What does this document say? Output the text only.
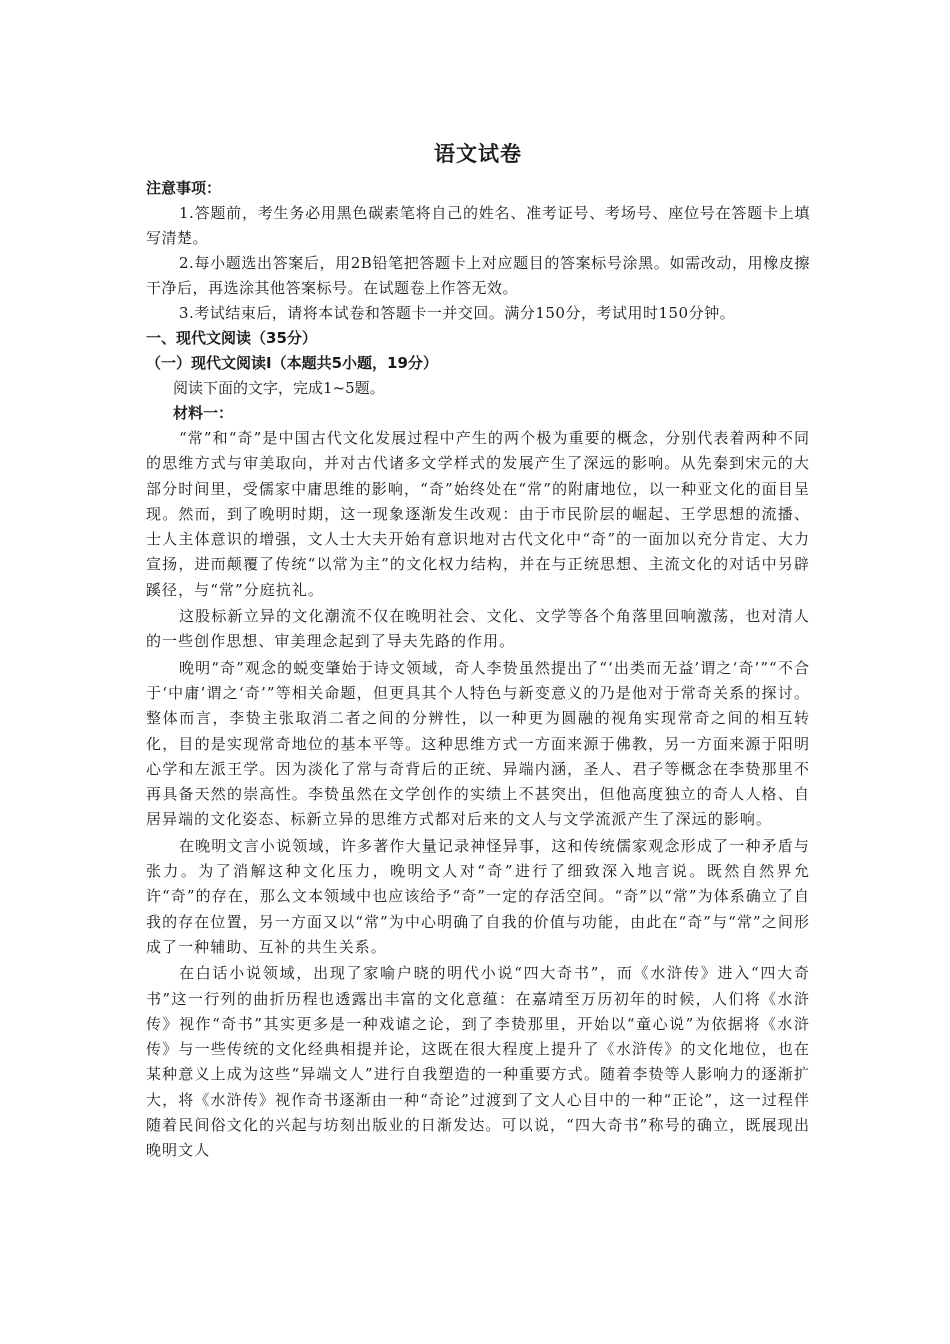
语文试卷
注意事项：

1.答题前，考生务必用黑色碳素笔将自己的姓名、准考证号、考场号、座位号在答题卡上填写清楚。

2.每小题选出答案后，用2B铅笔把答题卡上对应题目的答案标号涂黑。如需改动，用橡皮擦干净后，再选涂其他答案标号。在试题卷上作答无效。

3.考试结束后，请将本试卷和答题卡一并交回。满分150分，考试用时150分钟。

一、现代文阅读（35分）
（一）现代文阅读Ⅰ（本题共5小题，19分）

阅读下面的文字，完成1~5题。

材料一：

“常”和“奇”是中国古代文化发展过程中产生的两个极为重要的概念，分别代表着两种不同的思维方式与审美取向，并对古代诸多文学样式的发展产生了深远的影响。从先秦到宋元的大部分时间里，受儒家中庸思维的影响，“奇”始终处在“常”的附庸地位，以一种亚文化的面目呈现。然而，到了晚明时期，这一现象逐渐发生改观：由于市民阶层的崛起、王学思想的流播、士人主体意识的增强，文人士大夫开始有意识地对古代文化中“奇”的一面加以充分肯定、大力宣扬，进而颠覆了传统“以常为主”的文化权力结构，并在与正统思想、主流文化的对话中另辟蹊径，与“常”分庭抗礼。

这股标新立异的文化潮流不仅在晚明社会、文化、文学等各个角落里回响激荡，也对清人的一些创作思想、审美理念起到了导夫先路的作用。

晚明“奇”观念的蜕变肇始于诗文领域，奇人李贽虽然提出了“‘出类而无益’谓之‘奇’”“不合于‘中庸’谓之‘奇’”等相关命题，但更具其个人特色与新变意义的乃是他对于常奇关系的探讨。整体而言，李贽主张取消二者之间的分辨性，以一种更为圆融的视角实现常奇之间的相互转化，目的是实现常奇地位的基本平等。这种思维方式一方面来源于佛教，另一方面来源于阳明心学和左派王学。因为淡化了常与奇背后的正统、异端内涵，圣人、君子等概念在李贽那里不再具备天然的崇高性。李贽虽然在文学创作的实绩上不甚突出，但他高度独立的奇人人格、自居异端的文化姿态、标新立异的思维方式都对后来的文人与文学流派产生了深远的影响。

在晚明文言小说领域，许多著作大量记录神怪异事，这和传统儒家观念形成了一种矛盾与张力。为了消解这种文化压力，晚明文人对“奇”进行了细致深入地言说。既然自然界允许“奇”的存在，那么文本领域中也应该给予“奇”一定的存活空间。“奇”以“常”为体系确立了自我的存在位置，另一方面又以“常”为中心明确了自我的价值与功能，由此在“奇”与“常”之间形成了一种辅助、互补的共生关系。

在白话小说领域，出现了家喻户晓的明代小说“四大奇书”，而《水浒传》进入“四大奇书”这一行列的曲折历程也透露出丰富的文化意蕴：在嘉靖至万历初年的时候，人们将《水浒传》视作“奇书”其实更多是一种戏谑之论，到了李贽那里，开始以“童心说”为依据将《水浒传》与一些传统的文化经典相提并论，这既在很大程度上提升了《水浒传》的文化地位，也在某种意义上成为这些“异端文人”进行自我塑造的一种重要方式。随着李贽等人影响力的逐渐扩大，将《水浒传》视作奇书逐渐由一种“奇论”过渡到了文人心目中的一种“正论”，这一过程伴随着民间俗文化的兴起与坊刻出版业的日渐发达。可以说，“四大奇书”称号的确立，既展现出晚明文人
